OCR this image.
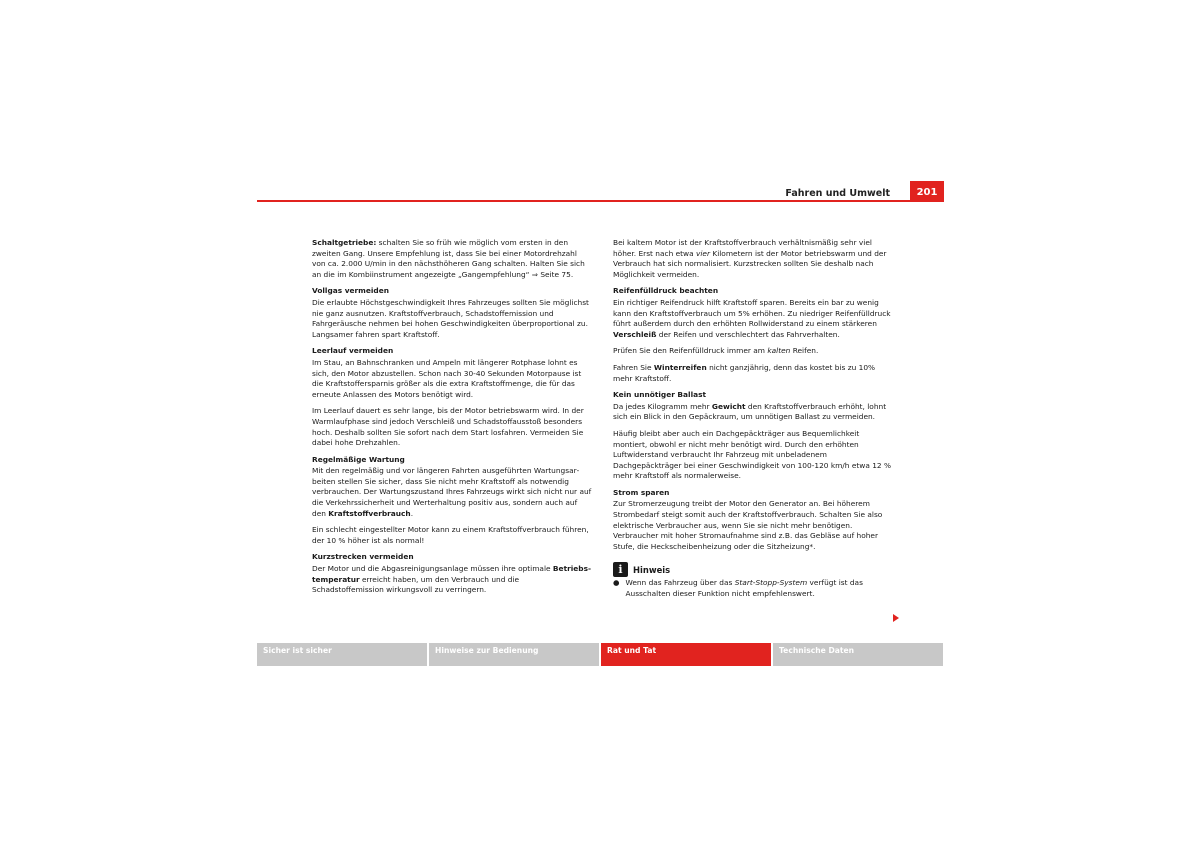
Fahren und Umwelt	201

Schaltgetriebe: schalten Sie so früh wie möglich vom ersten in den zweiten Gang. Unsere Empfehlung ist, dass Sie bei einer Motordrehzahl von ca. 2.000 U/min in den nächsthöheren Gang schalten. Halten Sie sich an die im Kombiinstrument angezeigte „Gangempfehlung“ ⇒ Seite 75.

Vollgas vermeiden

Die erlaubte Höchstgeschwindigkeit Ihres Fahrzeuges sollten Sie möglichst nie ganz ausnutzen. Kraftstoffverbrauch, Schadstoffemission und Fahrgeräusche nehmen bei hohen Geschwindigkeiten überproportional zu. Langsamer fahren spart Kraftstoff.

Leerlauf vermeiden

Im Stau, an Bahnschranken und Ampeln mit längerer Rotphase lohnt es sich, den Motor abzustellen. Schon nach 30-40 Sekunden Motorpause ist die Kraftstoffersparnis größer als die extra Kraftstoffmenge, die für das erneute Anlassen des Motors benötigt wird.

Im Leerlauf dauert es sehr lange, bis der Motor betriebswarm wird. In der Warmlaufphase sind jedoch Verschleiß und Schadstoffausstoß besonders hoch. Deshalb sollten Sie sofort nach dem Start losfahren. Vermeiden Sie dabei hohe Drehzahlen.

Regelmäßige Wartung

Mit den regelmäßig und vor längeren Fahrten ausgeführten Wartungsarbeiten stellen Sie sicher, dass Sie nicht mehr Kraftstoff als notwendig verbrauchen. Der Wartungszustand Ihres Fahrzeugs wirkt sich nicht nur auf die Verkehrssicherheit und Werterhaltung positiv aus, sondern auch auf den Kraftstoffverbrauch.

Ein schlecht eingestellter Motor kann zu einem Kraftstoffverbrauch führen, der 10 % höher ist als normal!

Kurzstrecken vermeiden

Der Motor und die Abgasreinigungsanlage müssen ihre optimale Betriebstemperatur erreicht haben, um den Verbrauch und die Schadstoffemission wirkungsvoll zu verringern.

Bei kaltem Motor ist der Kraftstoffverbrauch verhältnismäßig sehr viel höher. Erst nach etwa vier Kilometern ist der Motor betriebswarm und der Verbrauch hat sich normalisiert. Kurzstrecken sollten Sie deshalb nach Möglichkeit vermeiden.

Reifenfülldruck beachten

Ein richtiger Reifendruck hilft Kraftstoff sparen. Bereits ein bar zu wenig kann den Kraftstoffverbrauch um 5% erhöhen. Zu niedriger Reifenfülldruck führt außerdem durch den erhöhten Rollwiderstand zu einem stärkeren Verschleiß der Reifen und verschlechtert das Fahrverhalten.

Prüfen Sie den Reifenfülldruck immer am kalten Reifen.

Fahren Sie Winterreifen nicht ganzjährig, denn das kostet bis zu 10% mehr Kraftstoff.

Kein unnötiger Ballast

Da jedes Kilogramm mehr Gewicht den Kraftstoffverbrauch erhöht, lohnt sich ein Blick in den Gepäckraum, um unnötigen Ballast zu vermeiden.

Häufig bleibt aber auch ein Dachgepäckträger aus Bequemlichkeit montiert, obwohl er nicht mehr benötigt wird. Durch den erhöhten Luftwiderstand verbraucht Ihr Fahrzeug mit unbeladenem Dachgepäckträger bei einer Geschwindigkeit von 100-120 km/h etwa 12 % mehr Kraftstoff als normalerweise.

Strom sparen

Zur Stromerzeugung treibt der Motor den Generator an. Bei höherem Strombedarf steigt somit auch der Kraftstoffverbrauch. Schalten Sie also elektrische Verbraucher aus, wenn Sie sie nicht mehr benötigen. Verbraucher mit hoher Stromaufnahme sind z.B. das Gebläse auf hoher Stufe, die Heckscheibenheizung oder die Sitzheizung*.

i	Hinweis
● Wenn das Fahrzeug über das Start-Stopp-System verfügt ist das Ausschalten dieser Funktion nicht empfehlenswert.
Sicher ist sicher	Hinweise zur Bedienung	Rat und Tat	Technische Daten
